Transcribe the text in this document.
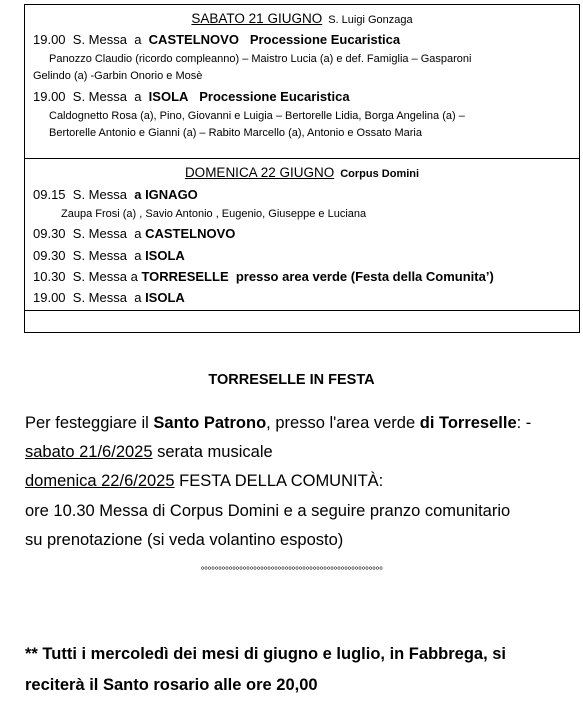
SABATO 21 GIUGNO S. Luigi Gonzaga
19.00 S. Messa a CASTELNOVO Processione Eucaristica
Panozzo Claudio (ricordo compleanno) – Maistro Lucia (a) e def. Famiglia – Gasparoni
Gelindo (a) -Garbin Onorio e Mosè
19.00 S. Messa a ISOLA Processione Eucaristica
Caldognetto Rosa (a), Pino, Giovanni e Luigia – Bertorelle Lidia, Borga Angelina (a) –
Bertorelle Antonio e Gianni (a) – Rabito Marcello (a), Antonio e Ossato Maria
DOMENICA 22 GIUGNO Corpus Domini
09.15 S. Messa a IGNAGO
Zaupa Frosi (a) , Savio Antonio , Eugenio, Giuseppe e Luciana
09.30 S. Messa a CASTELNOVO
09.30 S. Messa a ISOLA
10.30 S. Messa a TORRESELLE presso area verde (Festa della Comunita’)
19.00 S. Messa a ISOLA
TORRESELLE IN FESTA
Per festeggiare il Santo Patrono, presso l'area verde di Torreselle: -
sabato 21/6/2025 serata musicale
domenica 22/6/2025 FESTA DELLA COMUNITÀ:
ore 10.30 Messa di Corpus Domini e a seguire pranzo comunitario
su prenotazione (si veda volantino esposto)
°°°°°°°°°°°°°°°°°°°°°°°°°°°°°°°°°°°°°°°°°°°°°°°°°°°°
** Tutti i mercoledì dei mesi di giugno e luglio, in Fabbrega, si
reciterà il Santo rosario alle ore 20,00
